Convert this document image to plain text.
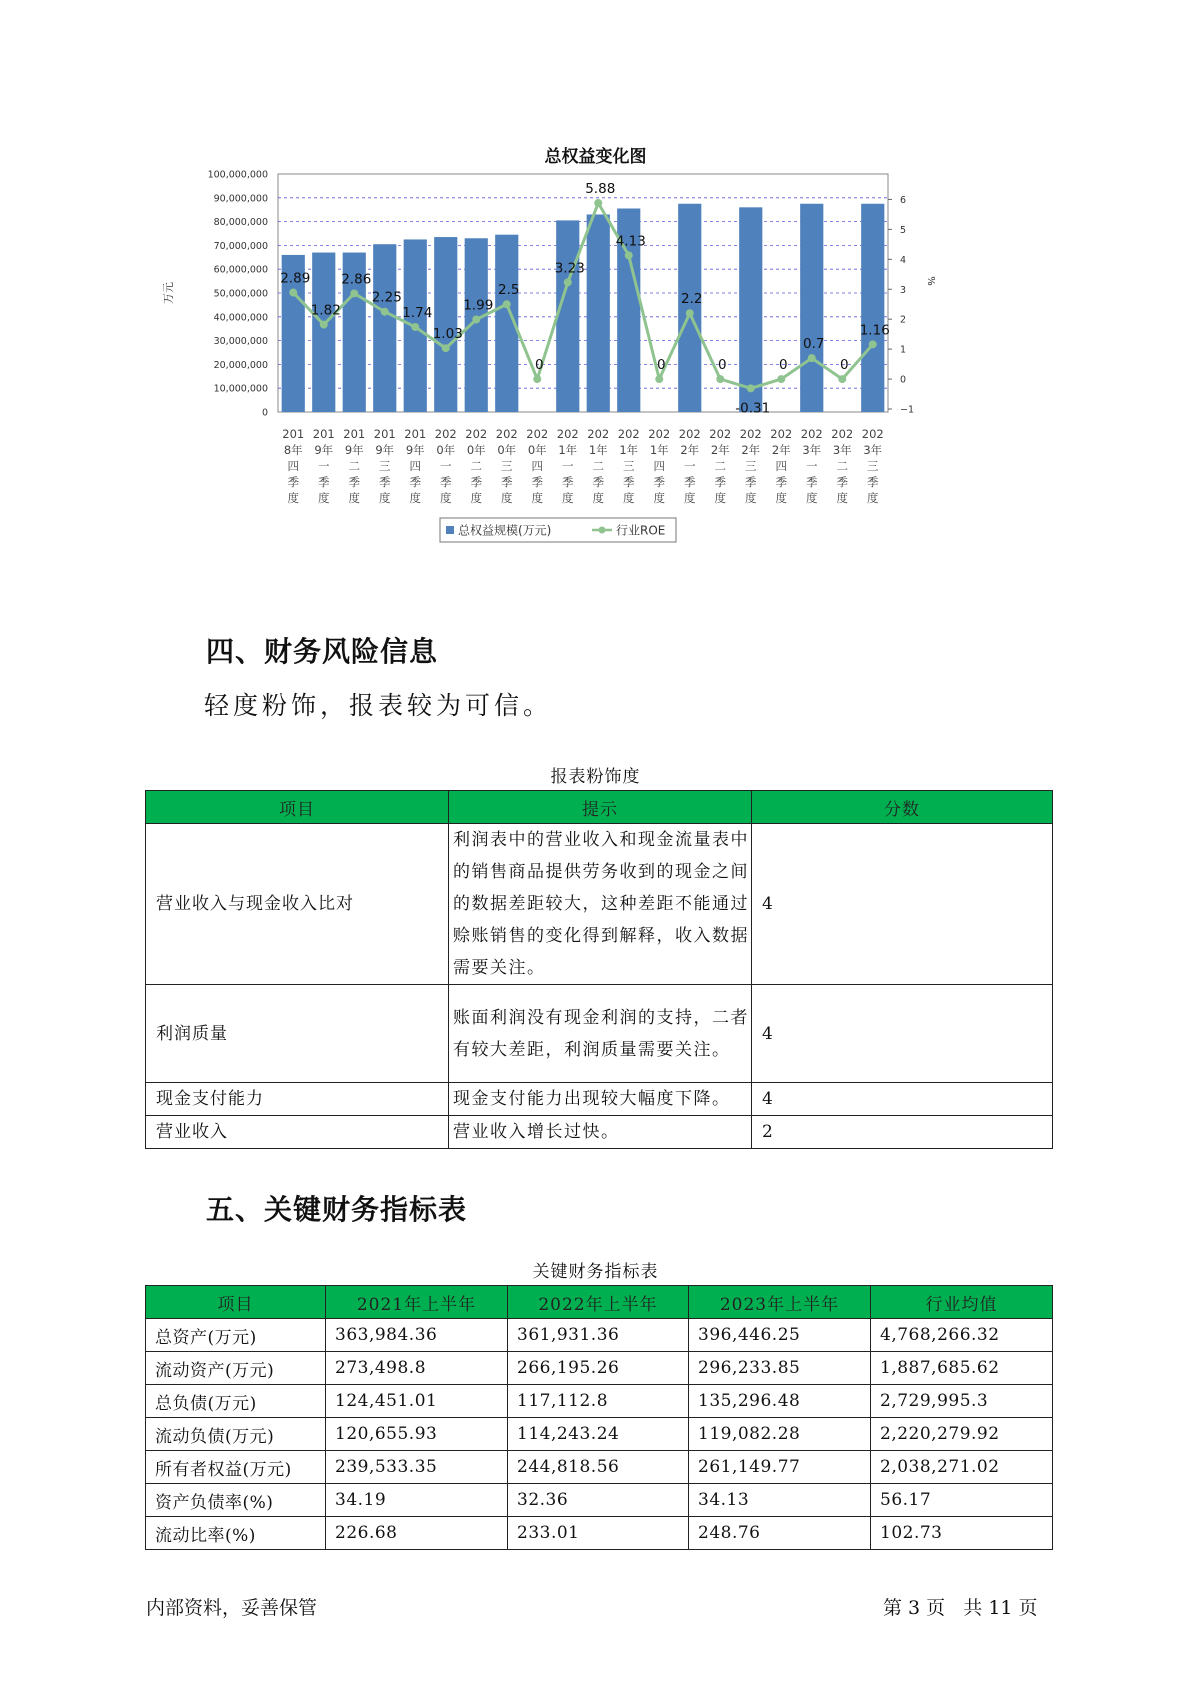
总权益变化图
100,000,000
90,000,000
80,000,000
70,000,000
60,000,000
50,000,000
40,000,000
30,000,000
20,000,000
10,000,000
0
万元
6
5
4
3
2
1
0
−1
%
201
8年
四
季
度
201
9年
一
季
度
201
9年
二
季
度
201
9年
三
季
度
201
9年
四
季
度
202
0年
一
季
度
202
0年
二
季
度
202
0年
三
季
度
202
0年
四
季
度
202
1年
一
季
度
202
1年
二
季
度
202
1年
三
季
度
202
1年
四
季
度
202
2年
一
季
度
202
2年
二
季
度
202
2年
三
季
度
202
2年
四
季
度
202
3年
一
季
度
202
3年
二
季
度
202
3年
三
季
度
2.89
1.82
2.86
2.25
1.74
1.03
1.99
2.5
0
3.23
5.88
4.13
0
2.2
0
-0.31
0
0.7
0
1.16
总权益规模(万元)	行业ROE
四、财务风险信息
轻度粉饰，报表较为可信。
报表粉饰度
项目	提示	分数
营业收入与现金收入比对	利润表中的营业收入和现金流量表中的销售商品提供劳务收到的现金之间的数据差距较大，这种差距不能通过赊账销售的变化得到解释，收入数据需要关注。	4
利润质量	账面利润没有现金利润的支持，二者有较大差距，利润质量需要关注。	4
现金支付能力	现金支付能力出现较大幅度下降。	4
营业收入	营业收入增长过快。	2
五、关键财务指标表
关键财务指标表
项目	2021年上半年	2022年上半年	2023年上半年	行业均值
总资产(万元)	363,984.36	361,931.36	396,446.25	4,768,266.32
流动资产(万元)	273,498.8	266,195.26	296,233.85	1,887,685.62
总负债(万元)	124,451.01	117,112.8	135,296.48	2,729,995.3
流动负债(万元)	120,655.93	114,243.24	119,082.28	2,220,279.92
所有者权益(万元)	239,533.35	244,818.56	261,149.77	2,038,271.02
资产负债率(%)	34.19	32.36	34.13	56.17
流动比率(%)	226.68	233.01	248.76	102.73
内部资料，妥善保管	第 3 页   共 11 页
